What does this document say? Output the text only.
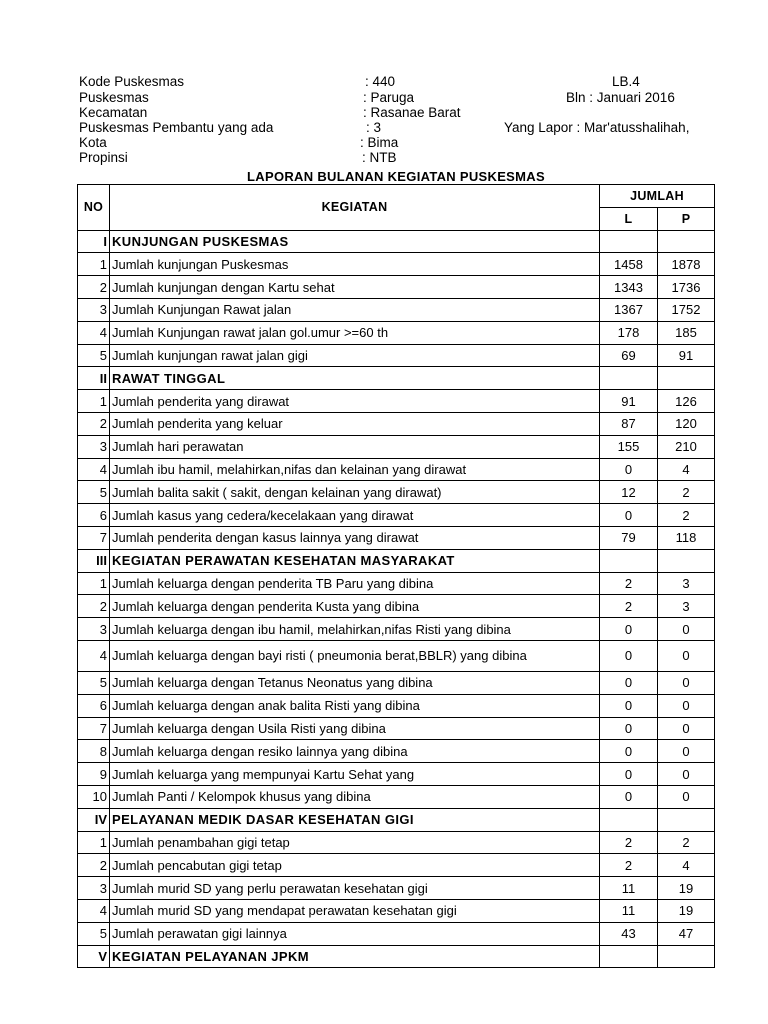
Kode Puskesmas	: 440	LB.4
Puskesmas	: Paruga	Bln : Januari 2016
Kecamatan	: Rasanae Barat
Puskesmas Pembantu yang ada	: 3	Yang Lapor : Mar'atusshalihah,
Kota	: Bima
Propinsi	: NTB
LAPORAN BULANAN KEGIATAN PUSKESMAS
NO	KEGIATAN	JUMLAH	
		L	P
I	KUNJUNGAN PUSKESMAS		
1	Jumlah kunjungan Puskesmas	1458	1878
2	Jumlah kunjungan dengan Kartu sehat	1343	1736
3	Jumlah Kunjungan Rawat jalan	1367	1752
4	Jumlah Kunjungan rawat jalan gol.umur >=60 th	178	185
5	Jumlah kunjungan rawat jalan gigi	69	91
II	RAWAT TINGGAL		
1	Jumlah penderita yang dirawat	91	126
2	Jumlah penderita yang keluar	87	120
3	Jumlah hari perawatan	155	210
4	Jumlah ibu hamil, melahirkan,nifas dan kelainan yang dirawat	0	4
5	Jumlah balita sakit ( sakit, dengan kelainan yang dirawat)	12	2
6	Jumlah kasus yang cedera/kecelakaan yang dirawat	0	2
7	Jumlah penderita dengan kasus lainnya yang dirawat	79	118
III	KEGIATAN PERAWATAN KESEHATAN MASYARAKAT		
1	Jumlah keluarga dengan penderita TB Paru yang dibina	2	3
2	Jumlah keluarga dengan penderita Kusta yang dibina	2	3
3	Jumlah keluarga dengan ibu hamil, melahirkan,nifas Risti yang dibina	0	0
4	Jumlah keluarga dengan bayi risti ( pneumonia berat,BBLR) yang dibina	0	0
5	Jumlah keluarga dengan Tetanus Neonatus yang dibina	0	0
6	Jumlah keluarga dengan anak balita Risti yang dibina	0	0
7	Jumlah keluarga dengan Usila Risti yang dibina	0	0
8	Jumlah keluarga dengan resiko lainnya yang dibina	0	0
9	Jumlah keluarga yang mempunyai Kartu Sehat yang	0	0
10	Jumlah Panti / Kelompok khusus yang dibina	0	0
IV	PELAYANAN MEDIK DASAR KESEHATAN GIGI		
1	Jumlah penambahan gigi tetap	2	2
2	Jumlah pencabutan gigi tetap	2	4
3	Jumlah murid SD yang perlu perawatan kesehatan gigi	11	19
4	Jumlah murid SD yang mendapat perawatan kesehatan gigi	11	19
5	Jumlah perawatan gigi lainnya	43	47
V	KEGIATAN PELAYANAN JPKM		
